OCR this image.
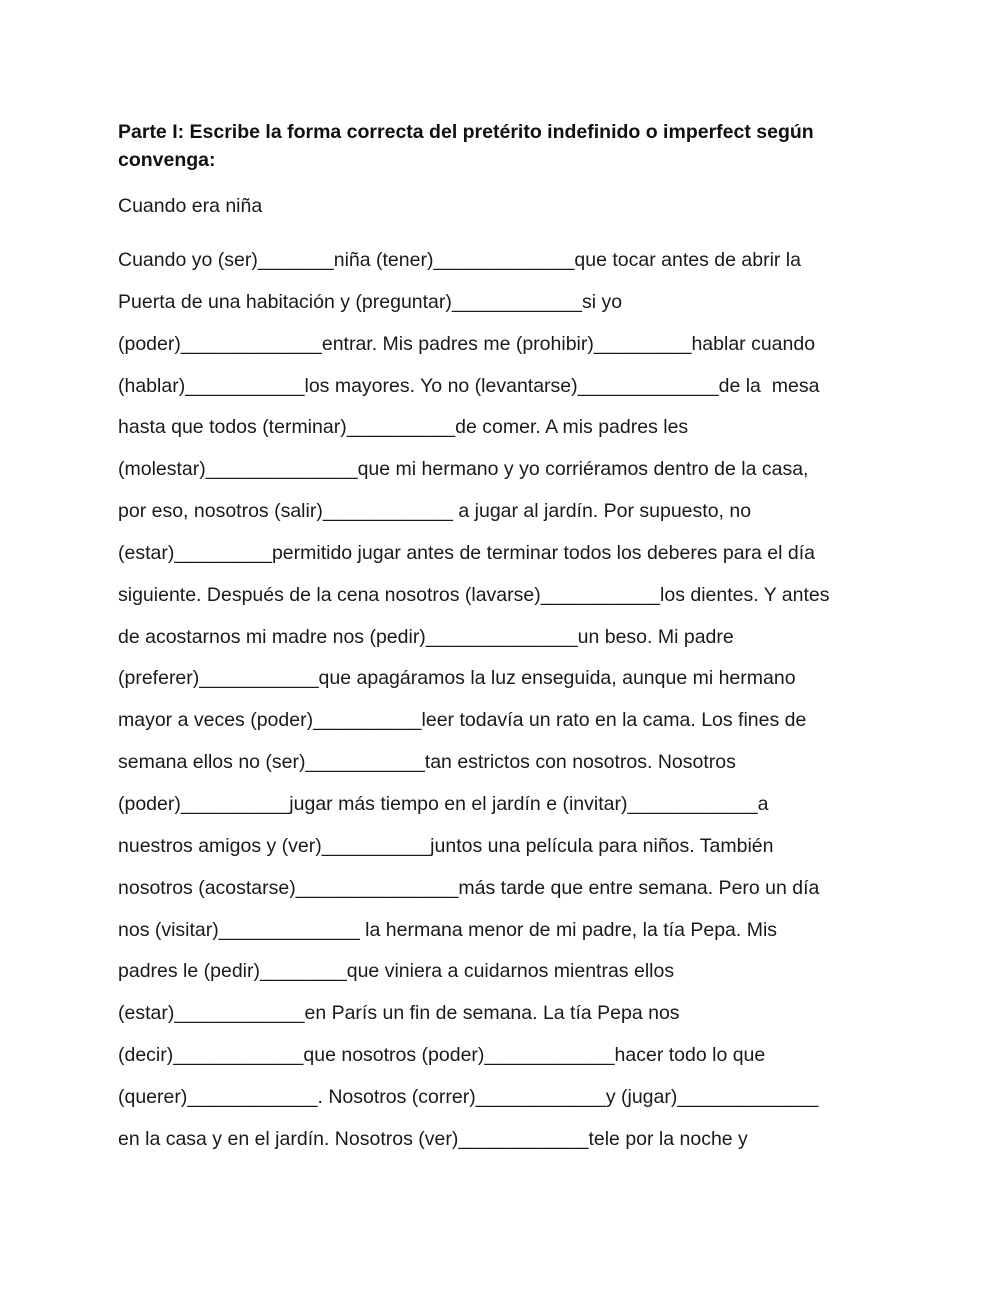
Parte I: Escribe la forma correcta del pretérito indefinido o imperfect según convenga:
Cuando era niña
Cuando yo (ser)_______niña (tener)_____________que tocar antes de abrir la
Puerta de una habitación y (preguntar)____________si yo
(poder)_____________entrar. Mis padres me (prohibir)_________hablar cuando
(hablar)___________los mayores. Yo no (levantarse)_____________de la  mesa
hasta que todos (terminar)__________de comer. A mis padres les
(molestar)______________que mi hermano y yo corriéramos dentro de la casa,
por eso, nosotros (salir)____________ a jugar al jardín. Por supuesto, no
(estar)_________permitido jugar antes de terminar todos los deberes para el día
siguiente. Después de la cena nosotros (lavarse)___________los dientes. Y antes
de acostarnos mi madre nos (pedir)______________un beso. Mi padre
(preferer)___________que apagáramos la luz enseguida, aunque mi hermano
mayor a veces (poder)__________leer todavía un rato en la cama. Los fines de
semana ellos no (ser)___________tan estrictos con nosotros. Nosotros
(poder)__________jugar más tiempo en el jardín e (invitar)____________a
nuestros amigos y (ver)__________juntos una película para niños. También
nosotros (acostarse)_______________más tarde que entre semana. Pero un día
nos (visitar)_____________ la hermana menor de mi padre, la tía Pepa. Mis
padres le (pedir)________que viniera a cuidarnos mientras ellos
(estar)____________en París un fin de semana. La tía Pepa nos
(decir)____________que nosotros (poder)____________hacer todo lo que
(querer)____________. Nosotros (correr)____________y (jugar)_____________
en la casa y en el jardín. Nosotros (ver)____________tele por la noche y
